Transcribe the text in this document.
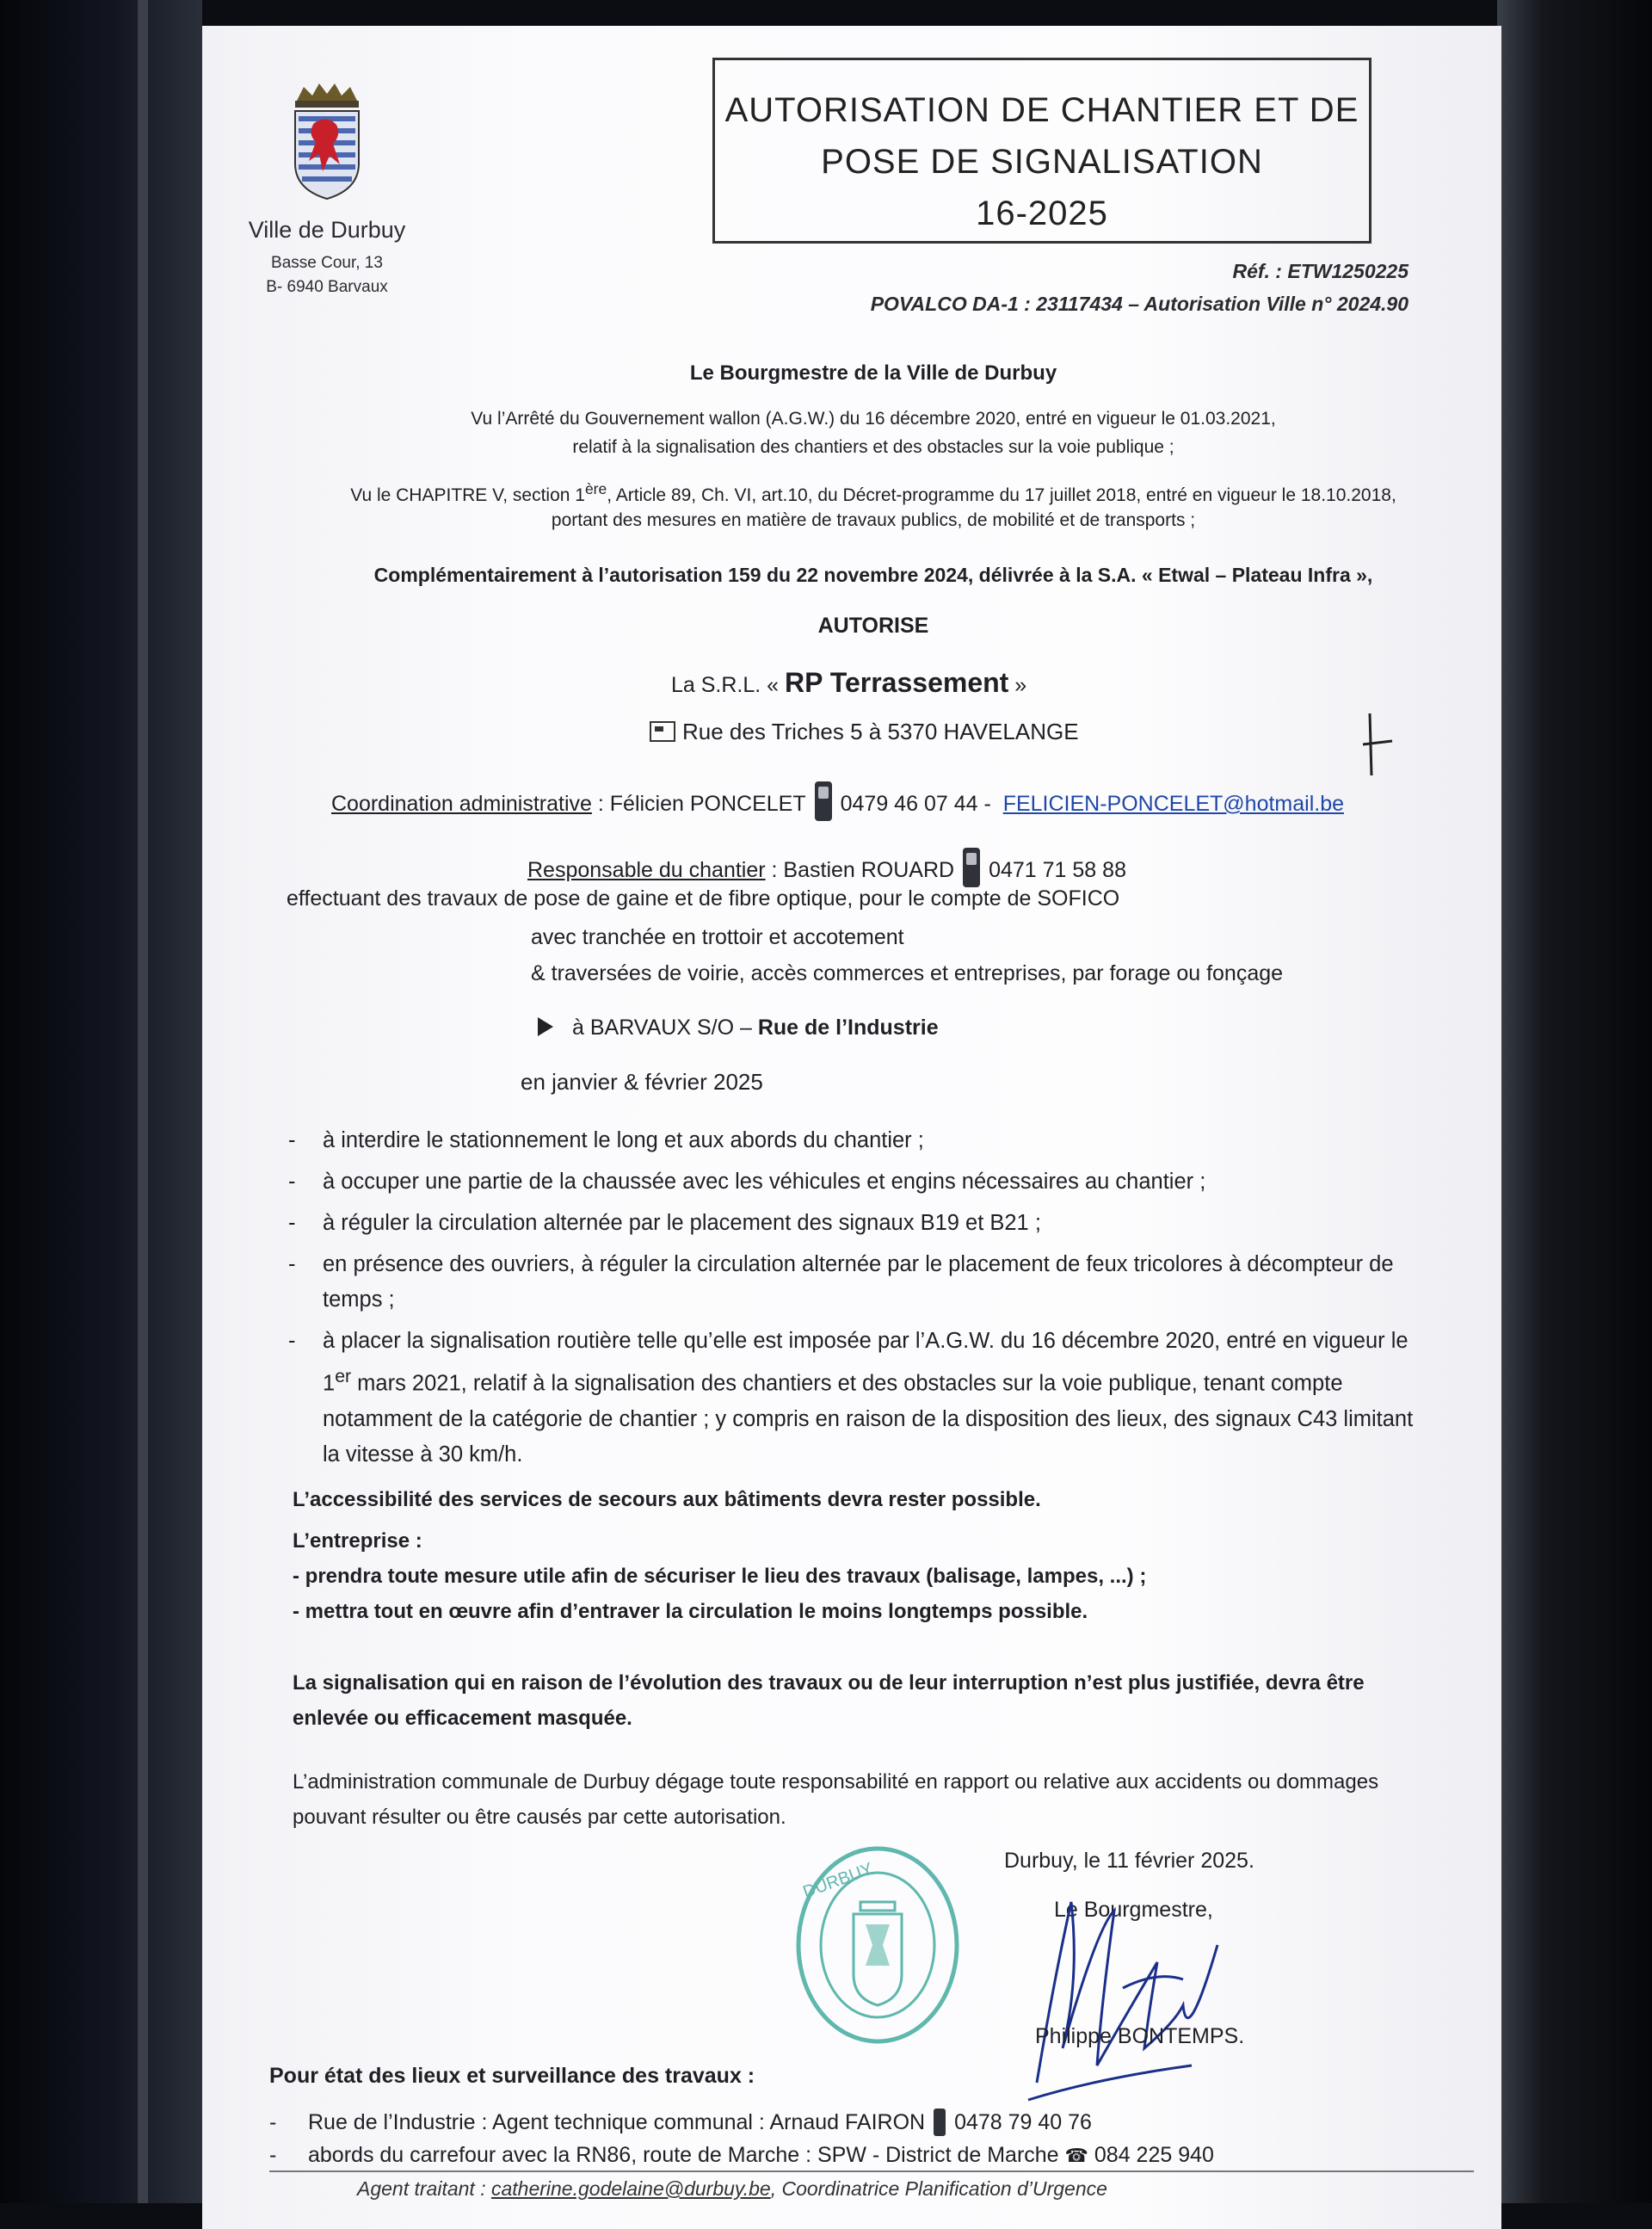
Ville de Durbuy
Basse Cour, 13
B- 6940 Barvaux
AUTORISATION DE CHANTIER ET DE
POSE DE SIGNALISATION
16-2025
Réf. : ETW1250225
POVALCO DA-1 : 23117434 – Autorisation Ville n° 2024.90
Le Bourgmestre de la Ville de Durbuy
Vu l’Arrêté du Gouvernement wallon (A.G.W.) du 16 décembre 2020, entré en vigueur le 01.03.2021,
relatif à la signalisation des chantiers et des obstacles sur la voie publique ;
Vu le CHAPITRE V, section 1ère, Article 89, Ch. VI, art.10, du Décret-programme du 17 juillet 2018, entré en vigueur le 18.10.2018,
portant des mesures en matière de travaux publics, de mobilité et de transports ;
Complémentairement à l’autorisation 159 du 22 novembre 2024, délivrée à la S.A. « Etwal – Plateau Infra »,
AUTORISE
La S.R.L. « RP Terrassement »
Rue des Triches 5 à 5370 HAVELANGE
Coordination administrative : Félicien PONCELET 0479 46 07 44 - FELICIEN-PONCELET@hotmail.be
Responsable du chantier : Bastien ROUARD 0471 71 58 88
effectuant des travaux de pose de gaine et de fibre optique, pour le compte de SOFICO
avec tranchée en trottoir et accotement
& traversées de voirie, accès commerces et entreprises, par forage ou fonçage
à BARVAUX S/O – Rue de l’Industrie
en janvier & février 2025
- à interdire le stationnement le long et aux abords du chantier ;
- à occuper une partie de la chaussée avec les véhicules et engins nécessaires au chantier ;
- à réguler la circulation alternée par le placement des signaux B19 et B21 ;
- en présence des ouvriers, à réguler la circulation alternée par le placement de feux tricolores à décompteur de temps ;
- à placer la signalisation routière telle qu’elle est imposée par l’A.G.W. du 16 décembre 2020, entré en vigueur le 1er mars 2021, relatif à la signalisation des chantiers et des obstacles sur la voie publique, tenant compte notamment de la catégorie de chantier ; y compris en raison de la disposition des lieux, des signaux C43 limitant la vitesse à 30 km/h.
L’accessibilité des services de secours aux bâtiments devra rester possible.
L’entreprise :
- prendra toute mesure utile afin de sécuriser le lieu des travaux (balisage, lampes, ...) ;
- mettra tout en œuvre afin d’entraver la circulation le moins longtemps possible.
La signalisation qui en raison de l’évolution des travaux ou de leur interruption n’est plus justifiée, devra être enlevée ou efficacement masquée.
L’administration communale de Durbuy dégage toute responsabilité en rapport ou relative aux accidents ou dommages pouvant résulter ou être causés par cette autorisation.
DURBUY	Durbuy, le 11 février 2025.
Le Bourgmestre,
Philippe BONTEMPS.
Pour état des lieux et surveillance des travaux :
- Rue de l’Industrie : Agent technique communal : Arnaud FAIRON 0478 79 40 76
- abords du carrefour avec la RN86, route de Marche : SPW - District de Marche ☎ 084 225 940
Agent traitant : catherine.godelaine@durbuy.be, Coordinatrice Planification d’Urgence
